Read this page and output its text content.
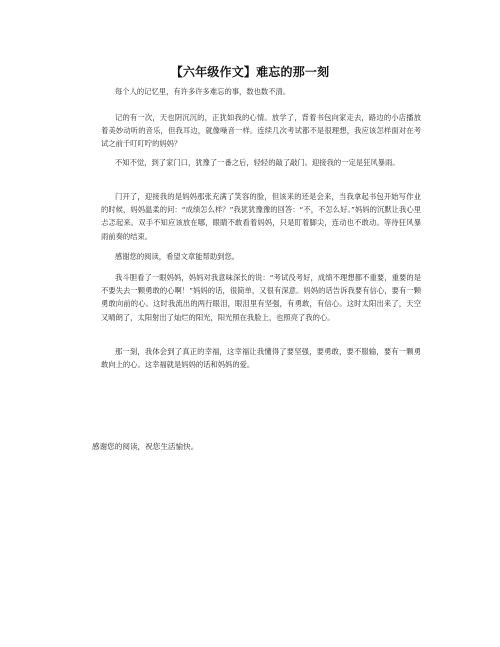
【六年级作文】难忘的那一刻

每个人的记忆里，有许多许多难忘的事，数也数不清。

记的有一次，天也阴沉沉的，正犹如我的心情。放学了，背着书包向家走去，路边的小店播放着美妙动听的音乐，但我耳边，就像噪音一样。连续几次考试都不是很理想，我应该怎样面对在考试之前千叮叮咛的妈妈？

不知不觉，到了家门口，犹豫了一番之后，轻轻的敲了敲门。迎接我的一定是狂风暴雨。

门开了，迎接我的是妈妈那张充满了笑容的脸，但该来的还是会来，当我拿起书包开始写作业的时候，妈妈温柔的问：“成绩怎么样？”我犹犹豫豫的回答：“不，不怎么好。”妈妈的沉默让我心里忐忑起来。双手不知应该放在哪，眼睛不敢看着妈妈，只是盯着脚尖，连动也不敢动。等待狂风暴雨前奏的结束。

感谢您的阅读，希望文章能帮助到您。

我斗胆看了一眼妈妈，妈妈对我意味深长的说：“考试没考好，成绩不理想都不重要，重要的是不要失去一颗勇敢的心啊！”妈妈的话，很简单，又很有深意。妈妈的话告诉我要有信心，要有一颗勇敢向前的心。这时我流出的两行眼泪，眼泪里有坚强，有勇敢，有信心。这时太阳出来了，天空又晴朗了，太阳射出了灿烂的阳光，阳光照在我脸上，也照亮了我的心。

那一刻，我体会到了真正的幸福，这幸福让我懂得了要坚强，要勇敢，要不服输，要有一颗勇敢向上的心。这幸福就是妈妈的话和妈妈的爱。

感谢您的阅读，祝您生活愉快。
